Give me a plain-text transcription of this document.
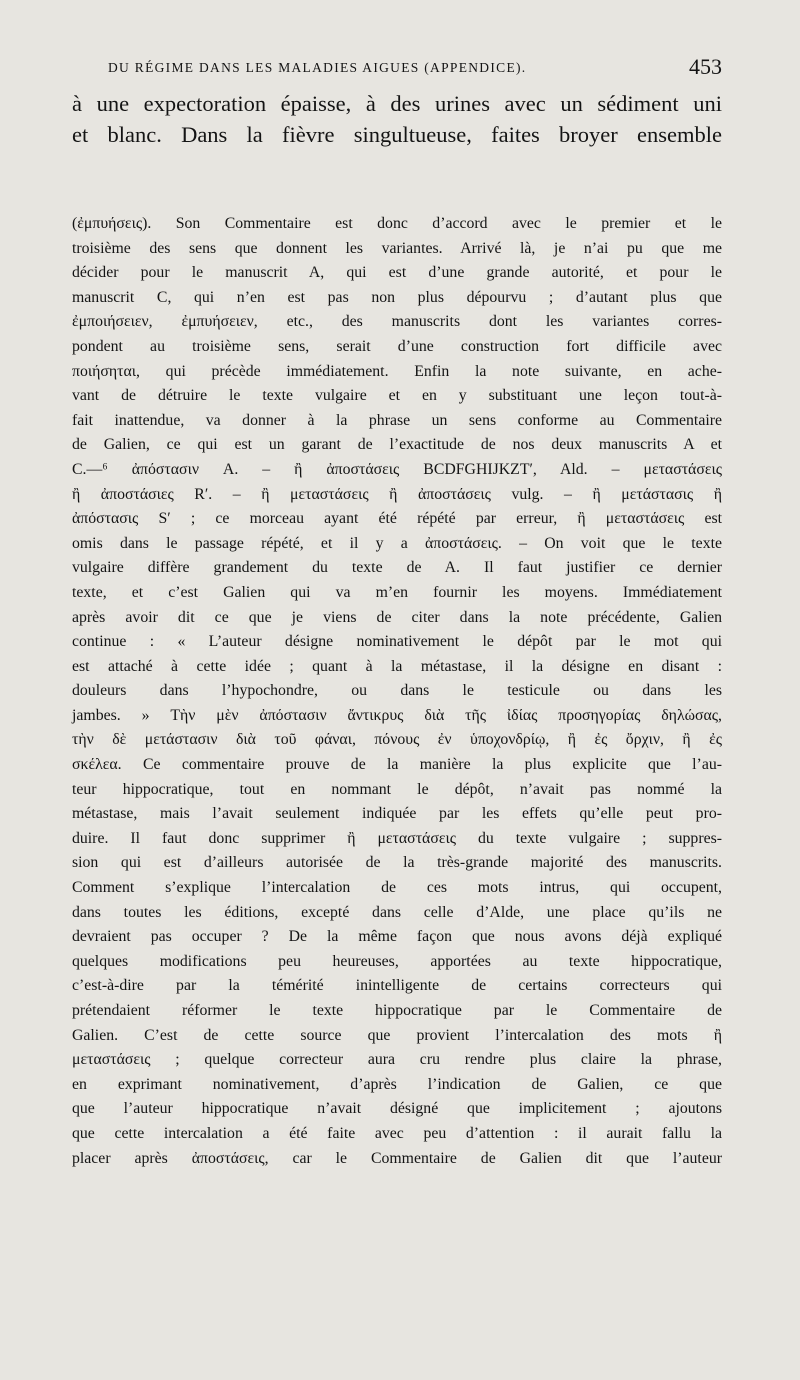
DU RÉGIME DANS LES MALADIES AIGUES (APPENDICE).	453
à une expectoration épaisse, à des urines avec un sédiment uni
et blanc. Dans la fièvre singultueuse, faites broyer ensemble
(ἐμπυήσεις). Son Commentaire est donc d’accord avec le premier et le
troisième des sens que donnent les variantes. Arrivé là, je n’ai pu que me
décider pour le manuscrit A, qui est d’une grande autorité, et pour le
manuscrit C, qui n’en est pas non plus dépourvu ; d’autant plus que
ἐμποιήσειεν, ἐμπυήσειεν, etc., des manuscrits dont les variantes corres-
pondent au troisième sens, serait d’une construction fort difficile avec
ποιήσηται, qui précède immédiatement. Enfin la note suivante, en ache-
vant de détruire le texte vulgaire et en y substituant une leçon tout-à-
fait inattendue, va donner à la phrase un sens conforme au Commentaire
de Galien, ce qui est un garant de l’exactitude de nos deux manuscrits A et
C.—⁶ ἀπόστασιν A. – ἢ ἀποστάσεις BCDFGHIJKZT′, Ald. – μεταστάσεις
ἢ ἀποστάσιες R′. – ἢ μεταστάσεις ἢ ἀποστάσεις vulg. – ἢ μετάστασις ἢ
ἀπόστασις S′ ; ce morceau ayant été répété par erreur, ἢ μεταστάσεις est
omis dans le passage répété, et il y a ἀποστάσεις. – On voit que le texte
vulgaire diffère grandement du texte de A. Il faut justifier ce dernier
texte, et c’est Galien qui va m’en fournir les moyens. Immédiatement
après avoir dit ce que je viens de citer dans la note précédente, Galien
continue : « L’auteur désigne nominativement le dépôt par le mot qui
est attaché à cette idée ; quant à la métastase, il la désigne en disant :
douleurs dans l’hypochondre, ou dans le testicule ou dans les
jambes. » Τὴν μὲν ἀπόστασιν ἄντικρυς διὰ τῆς ἰδίας προσηγορίας δηλώσας,
τὴν δὲ μετάστασιν διὰ τοῦ φάναι, πόνους ἐν ὑποχονδρίῳ, ἢ ἐς ὄρχιν, ἢ ἐς
σκέλεα. Ce commentaire prouve de la manière la plus explicite que l’au-
teur hippocratique, tout en nommant le dépôt, n’avait pas nommé la
métastase, mais l’avait seulement indiquée par les effets qu’elle peut pro-
duire. Il faut donc supprimer ἢ μεταστάσεις du texte vulgaire ; suppres-
sion qui est d’ailleurs autorisée de la très-grande majorité des manuscrits.
Comment s’explique l’intercalation de ces mots intrus, qui occupent,
dans toutes les éditions, excepté dans celle d’Alde, une place qu’ils ne
devraient pas occuper ? De la même façon que nous avons déjà expliqué
quelques modifications peu heureuses, apportées au texte hippocratique,
c’est-à-dire par la témérité inintelligente de certains correcteurs qui
prétendaient réformer le texte hippocratique par le Commentaire de
Galien. C’est de cette source que provient l’intercalation des mots ἢ
μεταστάσεις ; quelque correcteur aura cru rendre plus claire la phrase,
en exprimant nominativement, d’après l’indication de Galien, ce que
que l’auteur hippocratique n’avait désigné que implicitement ; ajoutons
que cette intercalation a été faite avec peu d’attention : il aurait fallu la
placer après ἀποστάσεις, car le Commentaire de Galien dit que l’auteur
